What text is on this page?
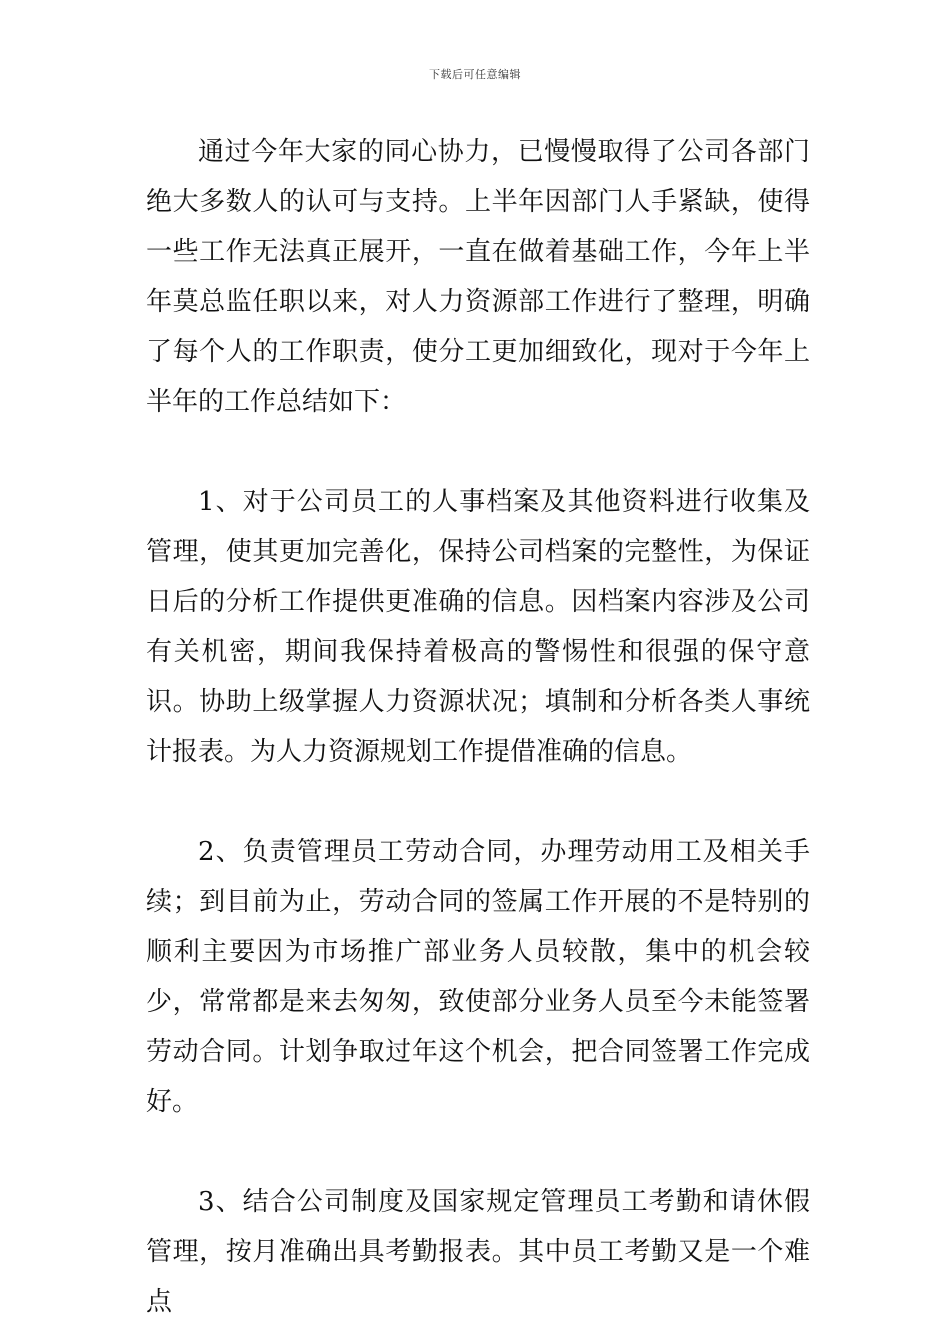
下载后可任意编辑

通过今年大家的同心协力，已慢慢取得了公司各部门绝大多数人的认可与支持。上半年因部门人手紧缺，使得一些工作无法真正展开，一直在做着基础工作，今年上半年莫总监任职以来，对人力资源部工作进行了整理，明确了每个人的工作职责，使分工更加细致化，现对于今年上半年的工作总结如下：

1、对于公司员工的人事档案及其他资料进行收集及管理，使其更加完善化，保持公司档案的完整性，为保证日后的分析工作提供更准确的信息。因档案内容涉及公司有关机密，期间我保持着极高的警惕性和很强的保守意识。协助上级掌握人力资源状况；填制和分析各类人事统计报表。为人力资源规划工作提借准确的信息。

2、负责管理员工劳动合同，办理劳动用工及相关手续；到目前为止，劳动合同的签属工作开展的不是特别的顺利主要因为市场推广部业务人员较散，集中的机会较少，常常都是来去匆匆，致使部分业务人员至今未能签署劳动合同。计划争取过年这个机会，把合同签署工作完成好。

3、结合公司制度及国家规定管理员工考勤和请休假管理，按月准确出具考勤报表。其中员工考勤又是一个难点
